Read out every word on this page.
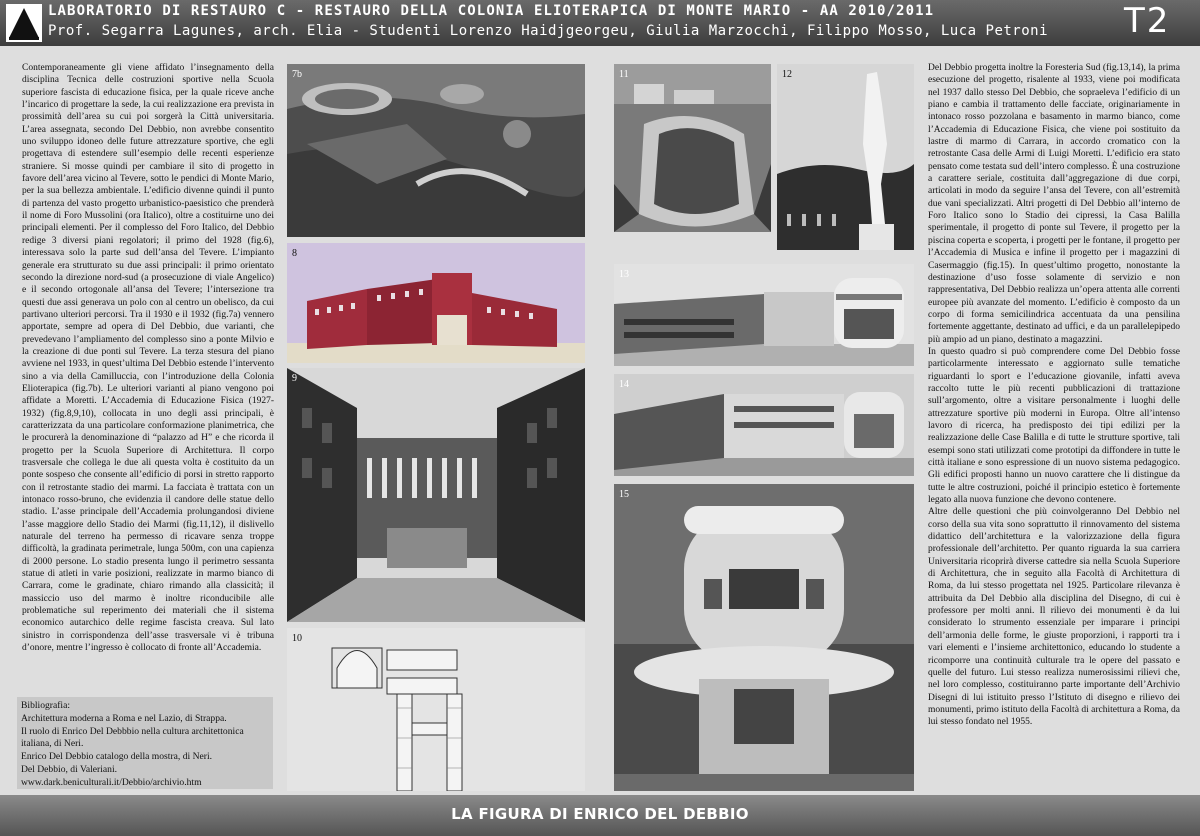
LABORATORIO DI RESTAURO C - RESTAURO DELLA COLONIA ELIOTERAPICA DI MONTE MARIO - AA 2010/2011
Prof. Segarra Lagunes, arch. Elia - Studenti Lorenzo Haidjgeorgeu, Giulia Marzocchi, Filippo Mosso, Luca Petroni T2

Contemporaneamente gli viene affidato l’insegnamento della disciplina Tecnica delle costruzioni sportive nella Scuola superiore fascista di educazione fisica, per la quale riceve anche l’incarico di progettare la sede, la cui realizzazione era prevista in prossimità dell’area su cui poi sorgerà la Città universitaria. L’area assegnata, secondo Del Debbio, non avrebbe consentito uno sviluppo idoneo delle future attrezzature sportive, che egli progettava di estendere sull’esempio delle recenti esperienze straniere. Si mosse quindi per cambiare il sito di progetto in favore dell’area vicino al Tevere, sotto le pendici di Monte Mario, per la sua bellezza ambientale. L’edificio divenne quindi il punto di partenza del vasto progetto urbanistico-paesistico che prenderà il nome di Foro Mussolini (ora Italico), oltre a costituirne uno dei principali elementi. Per il complesso del Foro Italico, del Debbio redige 3 diversi piani regolatori; il primo del 1928 (fig.6), interessava solo la parte sud dell’ansa del Tevere. L’impianto generale era strutturato su due assi principali: il primo orientato secondo la direzione nord-sud (a prosecuzione di viale Angelico) e il secondo ortogonale all’ansa del Tevere; l’intersezione tra questi due assi generava un polo con al centro un obelisco, da cui partivano ulteriori percorsi. Tra il 1930 e il 1932 (fig.7a) vennero apportate, sempre ad opera di Del Debbio, due varianti, che prevedevano l’ampliamento del complesso sino a ponte Milvio e la creazione di due ponti sul Tevere. La terza stesura del piano avviene nel 1933, in quest’ultima Del Debbio estende l’intervento sino a via della Camilluccia, con l’introduzione della Colonia Elioterapica (fig.7b). Le ulteriori varianti al piano vengono poi affidate a Moretti. L’Accademia di Educazione Fisica (1927-1932) (fig.8,9,10), collocata in uno degli assi principali, è caratterizzata da una particolare conformazione planimetrica, che le procurerà la denominazione di “palazzo ad H” e che ricorda il progetto per la Scuola Superiore di Architettura. Il corpo trasversale che collega le due ali questa volta è costituito da un ponte sospeso che consente all’edificio di porsi in stretto rapporto con il retrostante stadio dei marmi. La facciata è trattata con un intonaco rosso-bruno, che evidenzia il candore delle statue dello stadio. L’asse principale dell’Accademia prolungandosi diviene l’asse maggiore dello Stadio dei Marmi (fig.11,12), il dislivello naturale del terreno ha permesso di ricavare senza troppe difficoltà, la gradinata perimetrale, lunga 500m, con una capienza di 2000 persone. Lo stadio presenta lungo il perimetro sessanta statue di atleti in varie posizioni, realizzate in marmo bianco di Carrara, come le gradinate, chiaro rimando alla classicità; il massiccio uso del marmo è inoltre riconducibile alle problematiche sul reperimento dei materiali che il sistema economico autarchico delle regime fascista creava. Sul lato sinistro in corrispondenza dell’asse trasversale vi è tribuna d’onore, mentre l’ingresso è collocato di fronte all’Accademia.

Bibliografia:
Architettura moderna a Roma e nel Lazio, di Strappa.
Il ruolo di Enrico Del Debbbio nella cultura architettonica
italiana, di Neri.
Enrico Del Debbio catalogo della mostra, di Neri.
Del Debbio, di Valeriani.
www.dark.beniculturali.it/Debbio/archivio.htm
7b
8
9
10
11	12
13
14
15

Del Debbio progetta inoltre la Foresteria Sud (fig.13,14), la prima esecuzione del progetto, risalente al 1933, viene poi modificata nel 1937 dallo stesso Del Debbio, che sopraeleva l’edificio di un piano e cambia il trattamento delle facciate, originariamente in intonaco rosso pozzolana e basamento in marmo bianco, come l’Accademia di Educazione Fisica, che viene poi sostituito da lastre di marmo di Carrara, in accordo cromatico con la retrostante Casa delle Armi di Luigi Moretti. L’edificio era stato pensato come testata sud dell’intero complesso. È una costruzione a carattere seriale, costituita dall’aggregazione di due corpi, articolati in modo da seguire l’ansa del Tevere, con all’estremità due vani specializzati. Altri progetti di Del Debbio all’interno de Foro Italico sono lo Stadio dei cipressi, la Casa Balilla sperimentale, il progetto di ponte sul Tevere, il progetto per la piscina coperta e scoperta, i progetti per le fontane, il progetto per l’Accademia di Musica e infine il progetto per i magazzini di Casermaggio (fig.15). In quest’ultimo progetto, nonostante la destinazione d’uso fosse solamente di servizio e non rappresentativa, Del Debbio realizza un’opera attenta alle correnti europee più avanzate del momento. L’edificio è composto da un corpo di forma semicilindrica accentuata da una pensilina fortemente aggettante, destinato ad uffici, e da un parallelepipedo più ampio ad un piano, destinato a magazzini.

In questo quadro si può comprendere come Del Debbio fosse particolarmente interessato e aggiornato sulle tematiche riguardanti lo sport e l’educazione giovanile, infatti aveva raccolto tutte le più recenti pubblicazioni di trattazione sull’argomento, oltre a visitare personalmente i luoghi delle attrezzature sportive più moderni in Europa. Oltre all’intenso lavoro di ricerca, ha predisposto dei tipi edilizi per la realizzazione delle Case Balilla e di tutte le strutture sportive, tali esempi sono stati utilizzati come prototipi da diffondere in tutte le città italiane e sono espressione di un nuovo sistema pedagogico. Gli edifici proposti hanno un nuovo carattere che li distingue da tutte le altre costruzioni, poiché il principio estetico è fortemente legato alla nuova funzione che devono contenere.

Altre delle questioni che più coinvolgeranno Del Debbio nel corso della sua vita sono soprattutto il rinnovamento del sistema didattico dell’architettura e la valorizzazione della figura professionale dell’architetto. Per quanto riguarda la sua carriera Universitaria ricoprirà diverse cattedre sia nella Scuola Superiore di Architettura, che in seguito alla Facoltà di Architettura di Roma, da lui stesso progettata nel 1925. Particolare rilevanza è attribuita da Del Debbio alla disciplina del Disegno, di cui è professore per molti anni. Il rilievo dei monumenti è da lui considerato lo strumento essenziale per imparare i principi dell’armonia delle forme, le giuste proporzioni, i rapporti tra i vari elementi e l’insieme architettonico, educando lo studente a ricomporre una continuità culturale tra le opere del passato e quelle del futuro. Lui stesso realizza numerosissimi rilievi che, nel loro complesso, costituiranno parte importante dell’Archivio Disegni di lui istituito presso l’Istituto di disegno e rilievo dei monumenti, primo istituto della Facoltà di architettura a Roma, da lui stesso fondato nel 1955.

LA FIGURA DI ENRICO DEL DEBBIO
